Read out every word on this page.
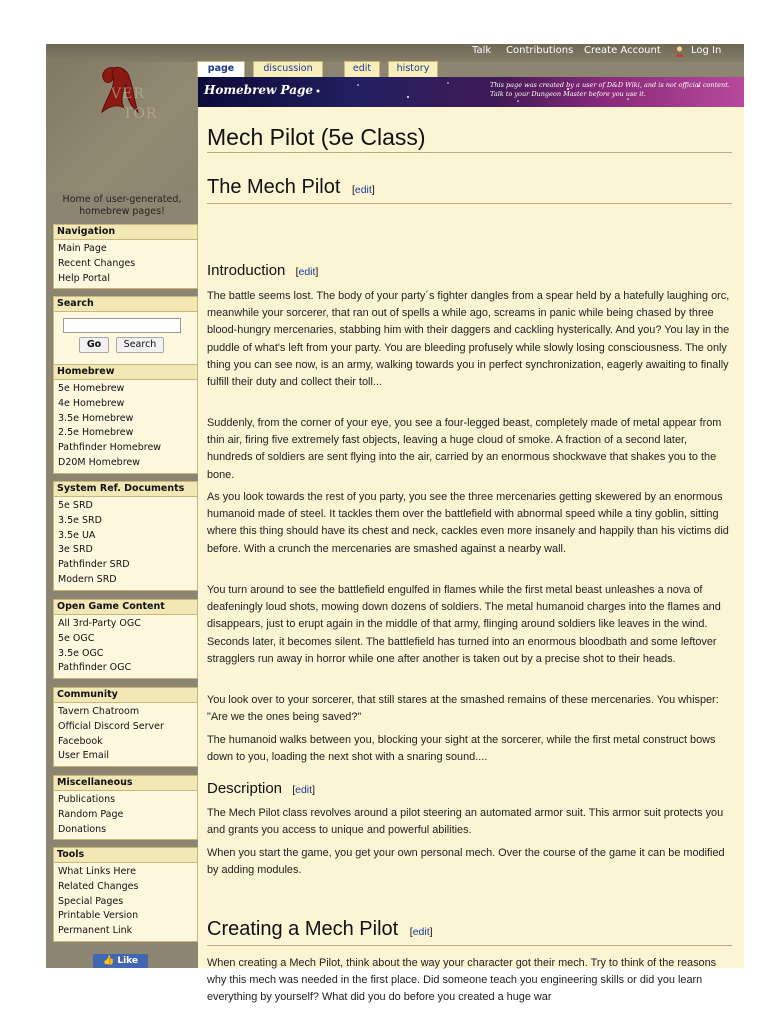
Talk Contributions Create Account	Log In
VER
TOR
Home of user-generated, homebrew pages!
page	discussion	edit	history
Homebrew Page	This page was created by a user of D&D Wiki, and is not official content. Talk to your Dungeon Master before you use it.
Navigation
Main Page
Recent Changes
Help Portal
Search
Go	Search
Homebrew
5e Homebrew
4e Homebrew
3.5e Homebrew
2.5e Homebrew
Pathfinder Homebrew
D20M Homebrew
System Ref. Documents
5e SRD
3.5e SRD
3.5e UA
3e SRD
Pathfinder SRD
Modern SRD
Open Game Content
All 3rd-Party OGC
5e OGC
3.5e OGC
Pathfinder OGC
Community
Tavern Chatroom
Official Discord Server
Facebook
User Email
Miscellaneous
Publications
Random Page
Donations
Tools
What Links Here
Related Changes
Special Pages
Printable Version
Permanent Link
👍 Like
Mech Pilot (5e Class)
The Mech Pilot [edit]
Introduction [edit]

The battle seems lost. The body of your party´s fighter dangles from a spear held by a hatefully laughing orc, meanwhile your sorcerer, that ran out of spells a while ago, screams in panic while being chased by three blood-hungry mercenaries, stabbing him with their daggers and cackling hysterically. And you? You lay in the puddle of what's left from your party. You are bleeding profusely while slowly losing consciousness. The only thing you can see now, is an army, walking towards you in perfect synchronization, eagerly awaiting to finally fulfill their duty and collect their toll...

Suddenly, from the corner of your eye, you see a four-legged beast, completely made of metal appear from thin air, firing five extremely fast objects, leaving a huge cloud of smoke. A fraction of a second later, hundreds of soldiers are sent flying into the air, carried by an enormous shockwave that shakes you to the bone.

As you look towards the rest of you party, you see the three mercenaries getting skewered by an enormous humanoid made of steel. It tackles them over the battlefield with abnormal speed while a tiny goblin, sitting where this thing should have its chest and neck, cackles even more insanely and happily than his victims did before. With a crunch the mercenaries are smashed against a nearby wall.

You turn around to see the battlefield engulfed in flames while the first metal beast unleashes a nova of deafeningly loud shots, mowing down dozens of soldiers. The metal humanoid charges into the flames and disappears, just to erupt again in the middle of that army, flinging around soldiers like leaves in the wind. Seconds later, it becomes silent. The battlefield has turned into an enormous bloodbath and some leftover stragglers run away in horror while one after another is taken out by a precise shot to their heads.

You look over to your sorcerer, that still stares at the smashed remains of these mercenaries. You whisper: "Are we the ones being saved?"

The humanoid walks between you, blocking your sight at the sorcerer, while the first metal construct bows down to you, loading the next shot with a snaring sound....

Description [edit]

The Mech Pilot class revolves around a pilot steering an automated armor suit. This armor suit protects you and grants you access to unique and powerful abilities.

When you start the game, you get your own personal mech. Over the course of the game it can be modified by adding modules.

Creating a Mech Pilot [edit]

When creating a Mech Pilot, think about the way your character got their mech. Try to think of the reasons why this mech was needed in the first place. Did someone teach you engineering skills or did you learn everything by yourself? What did you do before you created a huge war
